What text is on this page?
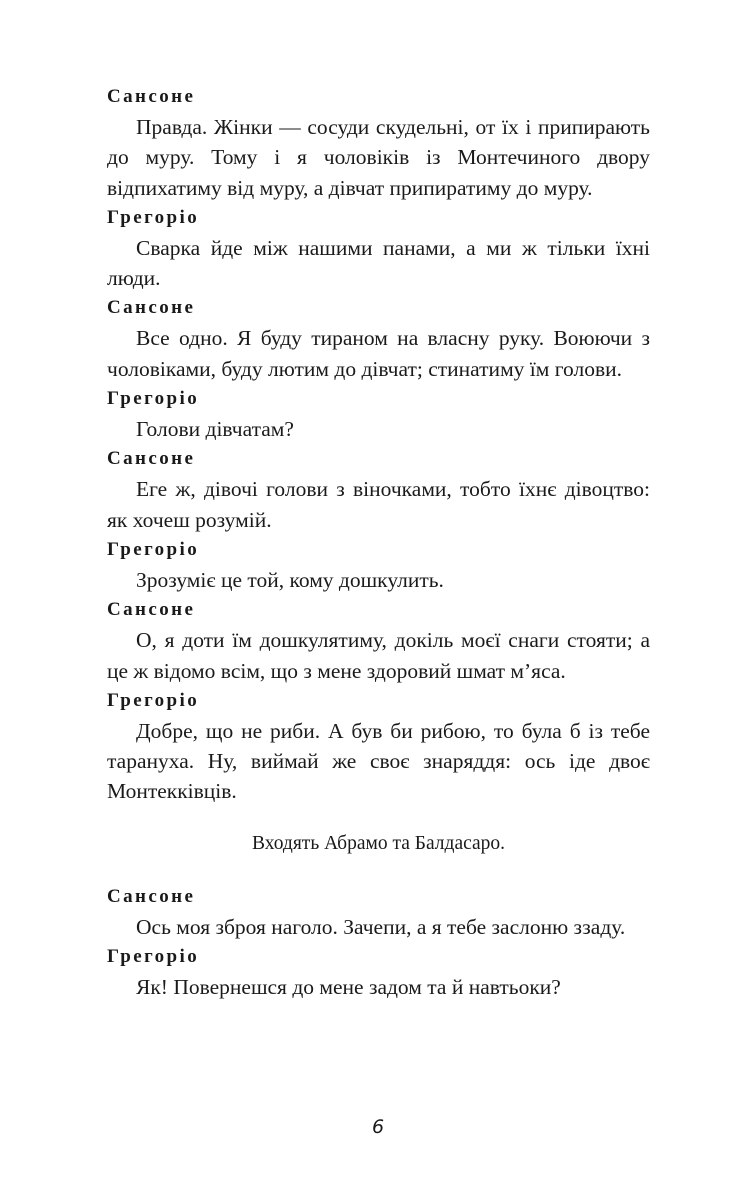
Сансоне

Правда. Жінки — сосуди скудельні, от їх і припирають до муру. Тому і я чоловіків із Монтечиного двору відпихатиму від муру, а дівчат припиратиму до муру.

Грегоріо

Сварка йде між нашими панами, а ми ж тільки їхні люди.

Сансоне

Все одно. Я буду тираном на власну руку. Воюючи з чоловіками, буду лютим до дівчат; стинатиму їм голови.

Грегоріо

Голови дівчатам?

Сансоне

Еге ж, дівочі голови з віночками, тобто їхнє дівоцтво: як хочеш розумій.

Грегоріо

Зрозуміє це той, кому дошкулить.

Сансоне

О, я доти їм дошкулятиму, докіль моєї снаги стояти; а це ж відомо всім, що з мене здоровий шмат м’яса.

Грегоріо

Добре, що не риби. А був би рибою, то була б із тебе тарануха. Ну, виймай же своє знаряддя: ось іде двоє Монтекківців.

Входять Абрамо та Балдасаро.
Сансоне

Ось моя зброя наголо. Зачепи, а я тебе заслоню ззаду.

Грегоріо

Як! Повернешся до мене задом та й навтьоки?

6
